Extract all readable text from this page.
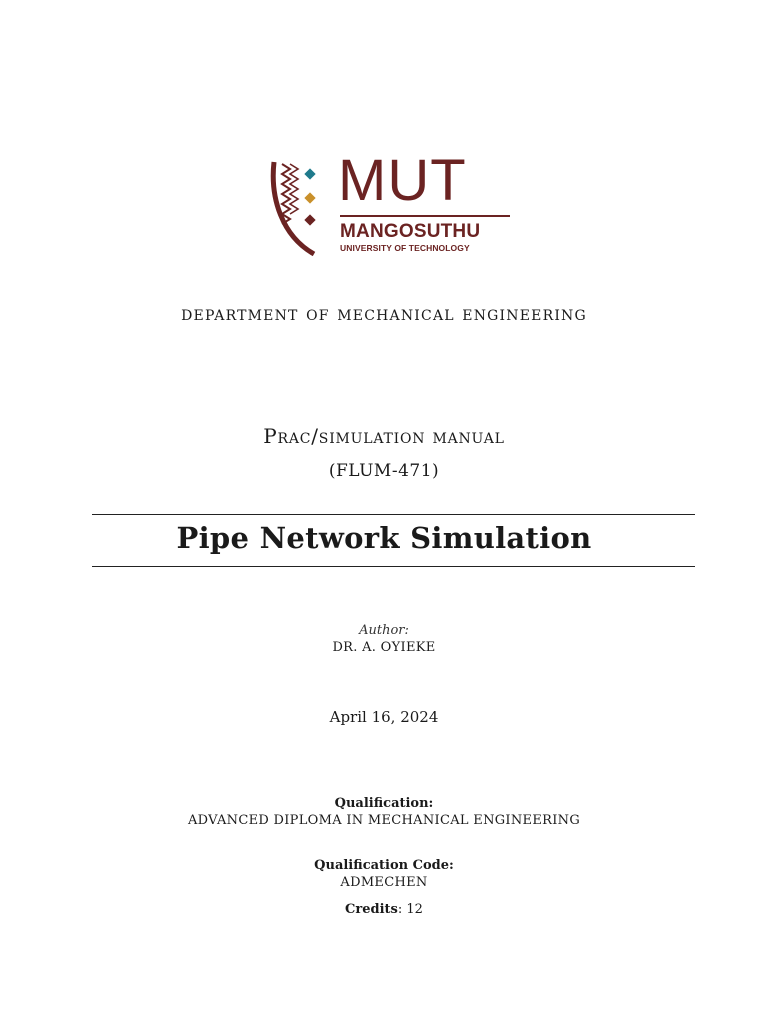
MUT
MANGOSUTHU
UNIVERSITY OF TECHNOLOGY
department of mechanical engineering
Prac/simulation manual
(FLUM-471)
Pipe Network Simulation
Author:
DR. A. OYIEKE
April 16, 2024
Qualification:
ADVANCED DIPLOMA IN MECHANICAL ENGINEERING
Qualification Code:
ADMECHEN
Credits: 12
